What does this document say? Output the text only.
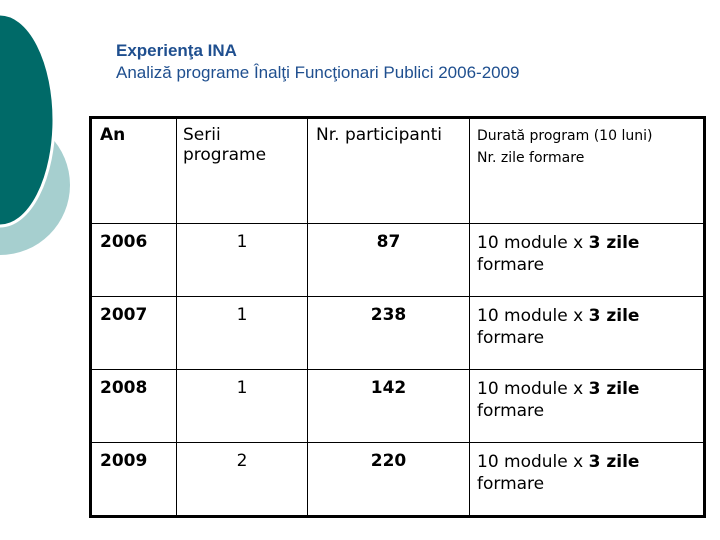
Experienţa INA
Analiză programe Înalţi Funcţionari Publici 2006-2009
An	Serii programe	Nr. participanti	Durată program (10 luni)
Nr. zile formare

2006	1	87	10 module x 3 zile
formare
2007	1	238	10 module x 3 zile
formare
2008	1	142	10 module x 3 zile
formare
2009	2	220	10 module x 3 zile
formare
